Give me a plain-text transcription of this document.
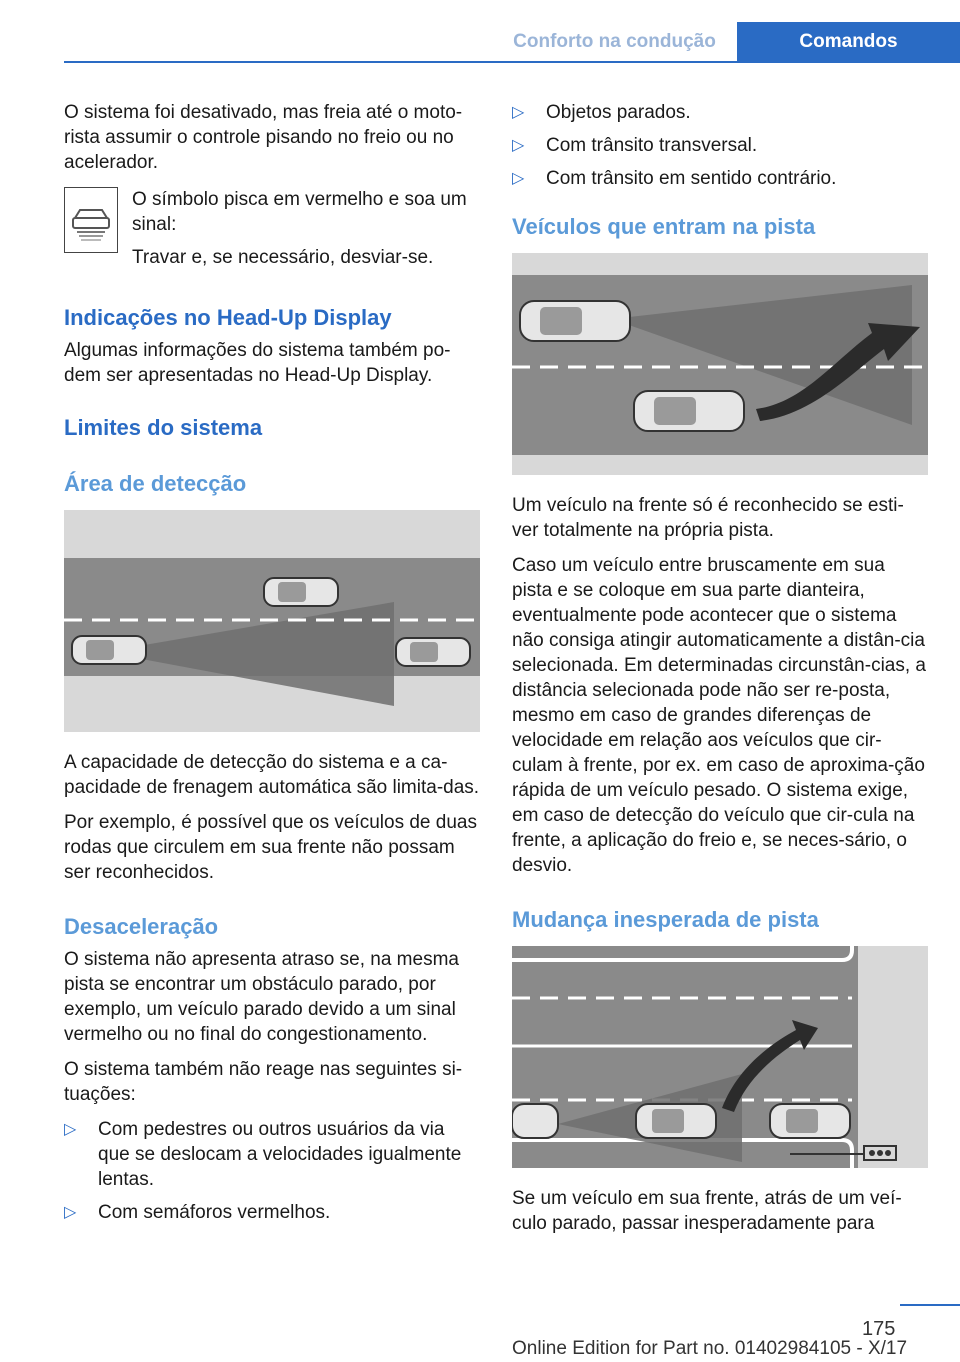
Conforto na condução	Comandos

O sistema foi desativado, mas freia até o moto-rista assumir o controle pisando no freio ou no acelerador.

O símbolo pisca em vermelho e soa um sinal:

Travar e, se necessário, desviar-se.

Indicações no Head-Up Display

Algumas informações do sistema também po-dem ser apresentadas no Head-Up Display.

Limites do sistema
Área de detecção

A capacidade de detecção do sistema e a ca-pacidade de frenagem automática são limita-das.

Por exemplo, é possível que os veículos de duas rodas que circulem em sua frente não possam ser reconhecidos.

Desaceleração

O sistema não apresenta atraso se, na mesma pista se encontrar um obstáculo parado, por exemplo, um veículo parado devido a um sinal vermelho ou no final do congestionamento.

O sistema também não reage nas seguintes si-tuações:

▷ Com pedestres ou outros usuários da via que se deslocam a velocidades igualmente lentas.
▷ Com semáforos vermelhos.
▷ Objetos parados.
▷ Com trânsito transversal.
▷ Com trânsito em sentido contrário.
Veículos que entram na pista

Um veículo na frente só é reconhecido se esti-ver totalmente na própria pista.

Caso um veículo entre bruscamente em sua pista e se coloque em sua parte dianteira, eventualmente pode acontecer que o sistema não consiga atingir automaticamente a distân-cia selecionada. Em determinadas circunstân-cias, a distância selecionada pode não ser re-posta, mesmo em caso de grandes diferenças de velocidade em relação aos veículos que cir-culam à frente, por ex. em caso de aproxima-ção rápida de um veículo pesado. O sistema exige, em caso de detecção do veículo que cir-cula na frente, a aplicação do freio e, se neces-sário, o desvio.

Mudança inesperada de pista

Se um veículo em sua frente, atrás de um veí-culo parado, passar inesperadamente para

175
Online Edition for Part no. 01402984105 - X/17
